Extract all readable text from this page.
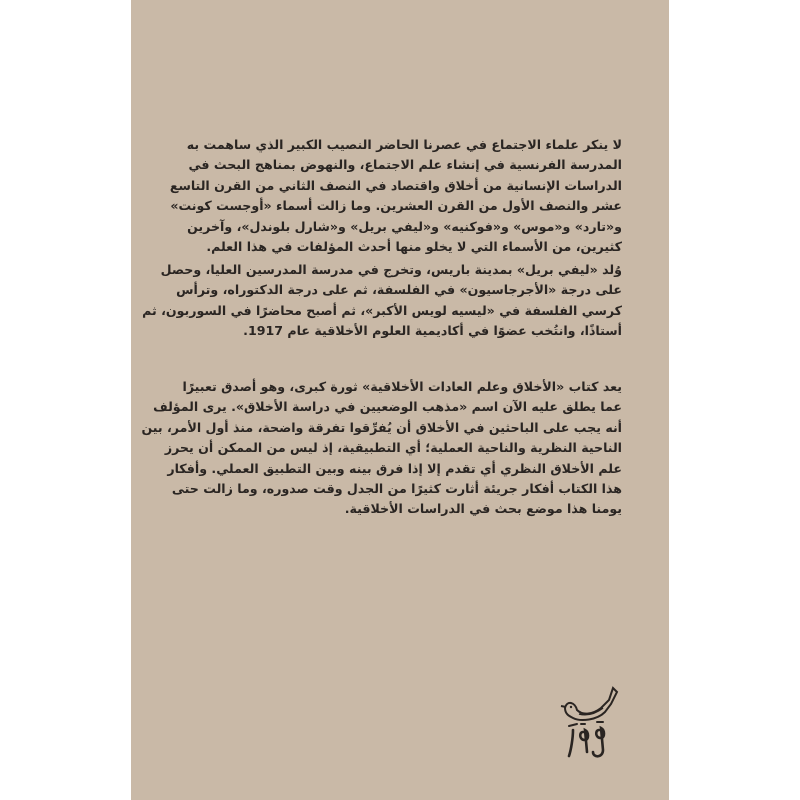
لا ينكر علماء الاجتماع في عصرنا الحاضر النصيب الكبير الذي ساهمت به
المدرسة الفرنسية في إنشاء علم الاجتماع، والنهوض بمناهج البحث في
الدراسات الإنسانية من أخلاق واقتصاد في النصف الثاني من القرن التاسع
عشر والنصف الأول من القرن العشرين. وما زالت أسماء «أوجست كونت»
و«تارد» و«موس» و«فوكنيه» و«ليفي بريل» و«شارل بلوندل»، وآخرين
كثيرين، من الأسماء التي لا يخلو منها أحدث المؤلفات في هذا العلم.
وُلد «ليفي بريل» بمدينة باريس، وتخرج في مدرسة المدرسين العليا، وحصل
على درجة «الأجرجاسيون» في الفلسفة، ثم على درجة الدكتوراه، وترأس
كرسي الفلسفة في «ليسيه لويس الأكبر»، ثم أصبح محاضرًا في السوربون، ثم
أستاذًا، وانتُخب عضوًا في أكاديمية العلوم الأخلاقية عام 1917.
يعد كتاب «الأخلاق وعلم العادات الأخلاقية» ثورة كبرى، وهو أصدق تعبيرًا
عما يطلق عليه الآن اسم «مذهب الوضعيين في دراسة الأخلاق». يرى المؤلف
أنه يجب على الباحثين في الأخلاق أن يُفرِّقوا تفرقة واضحة، منذ أول الأمر، بين
الناحية النظرية والناحية العملية؛ أي التطبيقية، إذ ليس من الممكن أن يحرز
علم الأخلاق النظري أي تقدم إلا إذا فرق بينه وبين التطبيق العملي. وأفكار
هذا الكتاب أفكار جريئة أثارت كثيرًا من الجدل وقت صدوره، وما زالت حتى
يومنا هذا موضع بحث في الدراسات الأخلاقية.
